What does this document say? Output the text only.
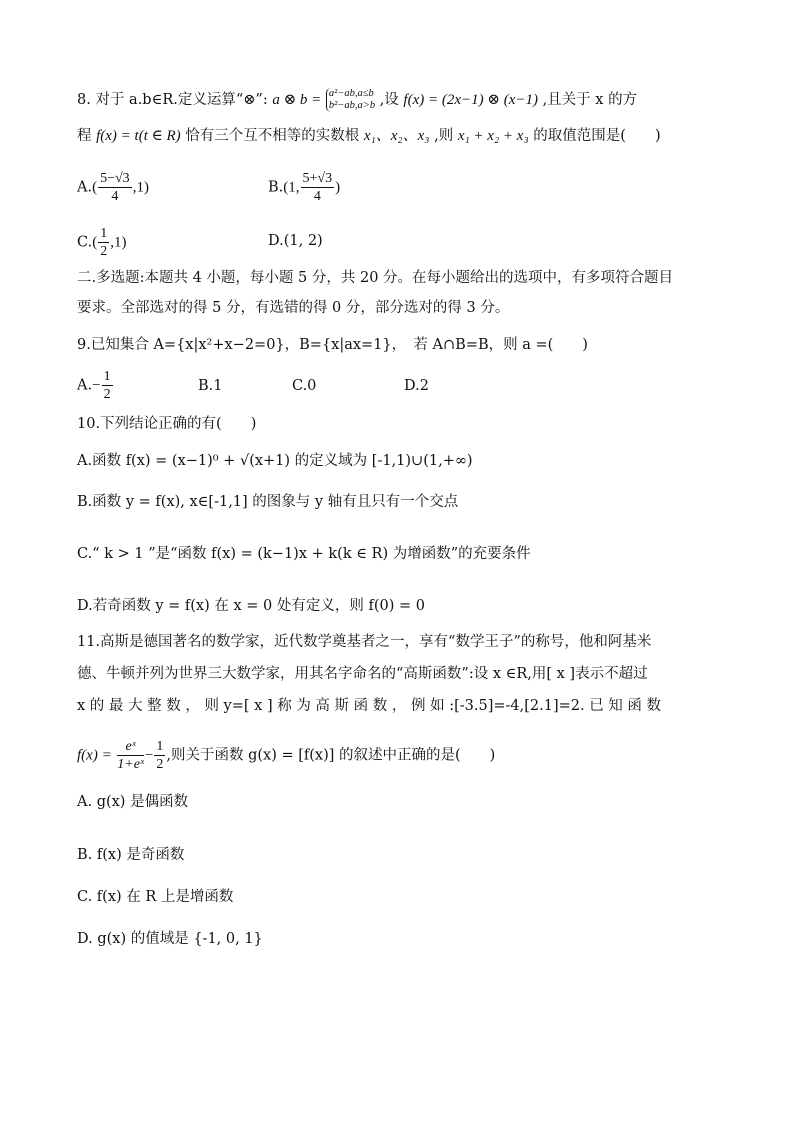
8. 对于 a.b∈R.定义运算“⊗”: a ⊗ b = a²−ab,a≤b
b²−ab,a>b ,设 f(x) = (2x−1) ⊗ (x−1) ,且关于 x 的方
程 f(x) = t(t ∈ R) 恰有三个互不相等的实数根 x₁、x₂、x₃ ,则 x₁ + x₂ + x₃ 的取值范围是(　　)
$A.( \frac{5-√3}{4} ,1)$	B.(1, $\frac{5+√3}{4}$ )
$C.( \frac{1}{2} ,1)$	D.(1, 2)
二.多选题:本题共 4 小题，每小题 5 分，共 20 分。在每小题给出的选项中，有多项符合题目
要求。全部选对的得 5 分，有选错的得 0 分，部分选对的得 3 分。
9.已知集合 A={x|x²+x−2=0}，B={x|ax=1}，　若 A∩B=B，则 a =(　　)
$A.- \frac{1}{2}$	B.1	C.0	D.2
10.下列结论正确的有(　　)
A.函数 f(x) = (x−1)⁰ + √(x+1) 的定义域为 [-1,1)∪(1,+∞)
B.函数 y = f(x), x∈[-1,1] 的图象与 y 轴有且只有一个交点
C.“ k > 1 ”是“函数 f(x) = (k−1)x + k(k ∈ R) 为增函数”的充要条件
D.若奇函数 y = f(x) 在 x = 0 处有定义，则 f(0) = 0
11.高斯是德国著名的数学家，近代数学奠基者之一，享有“数学王子”的称号，他和阿基米
德、牛顿并列为世界三大数学家，用其名字命名的“高斯函数”:设 x ∈R,用[ x ]表示不超过
x 的 最 大 整 数 ， 则 y=[ x ] 称 为 高 斯 函 数 ， 例 如 :[-3.5]=-4,[2.1]=2. 已 知 函 数
$f(x) = \frac{\text{eˣ}}{\text{1+eˣ}} - \frac{1}{2}$ ,则关于函数 g(x) = [f(x)] 的叙述中正确的是(　　)
A. g(x) 是偶函数
B. f(x) 是奇函数
C. f(x) 在 R 上是增函数
D. g(x) 的值域是 {-1, 0, 1}
